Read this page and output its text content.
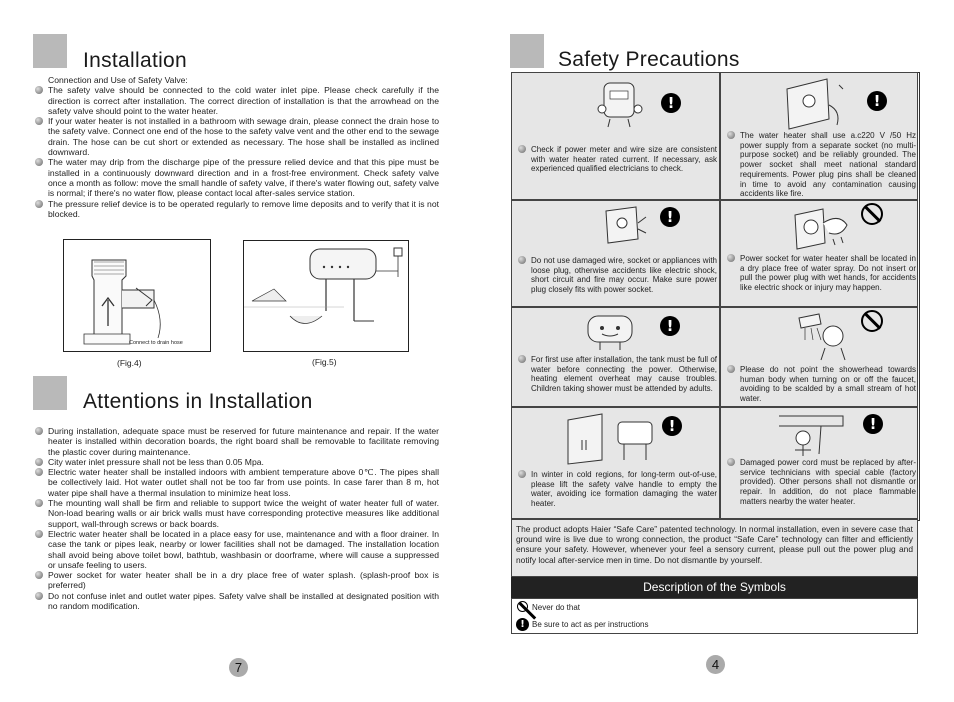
Installation

Connection and Use of Safety Valve:

The safety valve should be connected to the cold water inlet pipe. Please check carefully if the direction is correct after installation. The correct direction of installation is that the arrowhead on the safety valve should point to the water heater.

If your water heater is not installed in a bathroom with sewage drain, please connect the drain hose to the safety valve. Connect one end of the hose to the safety valve vent and the other end to the sewage drain. The hose can be cut short or extended as necessary. The hose shall be installed as inclined downward.

The water may drip from the discharge pipe of the pressure relied device and that this pipe must be installed in a continuously downward direction and in a frost-free environment. Check safety valve once a month as follow: move the small handle of safety valve, if there's water flowing out, safety valve is normal; if there's no water flow, please contact local after-sales service station.

The pressure relief device is to be operated regularly to remove lime deposits and to verify that it is not blocked.

Connect to drain hose
(Fig.4)	(Fig.5)
Attentions in Installation

During installation, adequate space must be reserved for future maintenance and repair. If the water heater is installed within decoration boards, the right board shall be removable to facilitate removing the plastic cover during maintenance.

City water inlet pressure shall not be less than 0.05 Mpa.

Electric water heater shall be installed indoors with ambient temperature above 0℃. The pipes shall be collectively laid. Hot water outlet shall not be too far from use points. In case farer than 8 m, hot water pipe shall have a thermal insulation to minimize heat loss.

The mounting wall shall be firm and reliable to support twice the weight of water heater full of water. Non-load bearing walls or air brick walls must have corresponding protective measures like additional support, wall-through screws or back boards.

Electric water heater shall be located in a place easy for use, maintenance and with a floor drainer. In case the tank or pipes leak, nearby or lower facilities shall not be damaged. The installation location shall avoid being above toilet bowl, bathtub, washbasin or doorframe, where will cause a suppressed or unsafe feeling to users.

Power socket for water heater shall be in a dry place free of water splash. (splash-proof box is preferred)

Do not confuse inlet and outlet water pipes. Safety valve shall be installed at designated position with no random modification.

7
Safety Precautions
!

Check if power meter and wire size are consistent with water heater rated current. If necessary, ask experienced qualified electricians to check.

!

The water heater shall use a.c220 V /50 Hz power supply from a separate socket (no multi-purpose socket) and be reliably grounded. The power socket shall meet national standard requirements. Power plug pins shall be cleaned in time to avoid any contamination causing accidents like fire.

!

Do not use damaged wire, socket or appliances with loose plug, otherwise accidents like electric shock, short circuit and fire may occur. Make sure power plug closely fits with power socket.

Power socket for water heater shall be located in a dry place free of water spray. Do not insert or pull the power plug with wet hands, for accidents like electric shock or injury may happen.

!

For first use after installation, the tank must be full of water before connecting the power. Otherwise, heating element overheat may cause troubles. Children taking shower must be attended by adults.

Please do not point the showerhead towards human body when turning on or off the faucet, avoiding to be scalded by a small stream of hot water.

!

In winter in cold regions, for long-term out-of-use, please lift the safety valve handle to empty the water, avoiding ice formation damaging the water heater.

!

Damaged power cord must be replaced by after-service technicians with special cable (factory provided). Other persons shall not dismantle or repair. In addition, do not place flammable matters nearby the water heater.

The product adopts Haier “Safe Care” patented technology. In normal installation, even in severe case that ground wire is live due to wrong connection, the product “Safe Care” technology can filter and efficiently ensure your safety. However, whenever your feel a sensory current, please pull out the power plug and notify local after-service men in time. Do not dismantle by yourself.
Description of the Symbols
Never do that
! Be sure to act as per instructions
4
